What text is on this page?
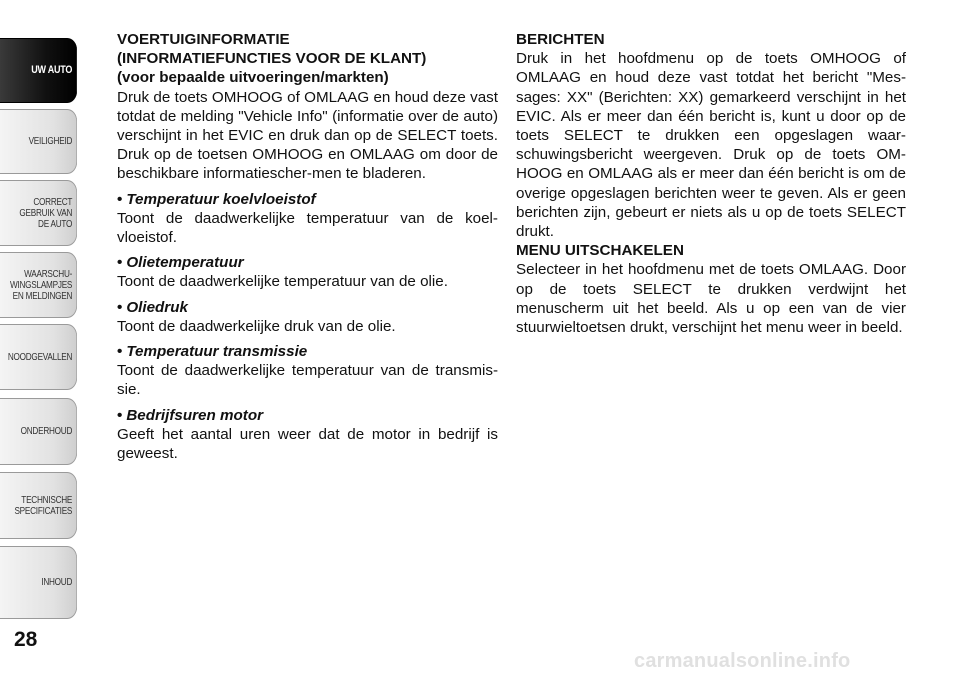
UW AUTO
VEILIGHEID
CORRECT
GEBRUIK VAN
DE AUTO
WAARSCHU-
WINGSLAMPJES
EN MELDINGEN
NOODGEVALLEN
ONDERHOUD
TECHNISCHE
SPECIFICATIES
INHOUD
28

VOERTUIGINFORMATIE

(INFORMATIEFUNCTIES VOOR DE KLANT)

(voor bepaalde uitvoeringen/markten)

Druk de toets OMHOOG of OMLAAG en houd deze vast totdat de melding "Vehicle Info" (informatie over de auto) verschijnt in het EVIC en druk dan op de SELECT toets. Druk op de toetsen OMHOOG en OMLAAG om door de beschikbare informatiescher-men te bladeren.

• Temperatuur koelvloeistof

Toont de daadwerkelijke temperatuur van de koel-vloeistof.

• Olietemperatuur

Toont de daadwerkelijke temperatuur van de olie.

• Oliedruk

Toont de daadwerkelijke druk van de olie.

• Temperatuur transmissie

Toont de daadwerkelijke temperatuur van de transmis-sie.

• Bedrijfsuren motor

Geeft het aantal uren weer dat de motor in bedrijf is geweest.

BERICHTEN

Druk in het hoofdmenu op de toets OMHOOG of OMLAAG en houd deze vast totdat het bericht "Mes-sages: XX" (Berichten: XX) gemarkeerd verschijnt in het EVIC. Als er meer dan één bericht is, kunt u door op de toets SELECT te drukken een opgeslagen waar-schuwingsbericht weergeven. Druk op de toets OM-HOOG en OMLAAG als er meer dan één bericht is om de overige opgeslagen berichten weer te geven. Als er geen berichten zijn, gebeurt er niets als u op de toets SELECT drukt.

MENU UITSCHAKELEN

Selecteer in het hoofdmenu met de toets OMLAAG. Door op de toets SELECT te drukken verdwijnt het menuscherm uit het beeld. Als u op een van de vier stuurwieltoetsen drukt, verschijnt het menu weer in beeld.

carmanualsonline.info
